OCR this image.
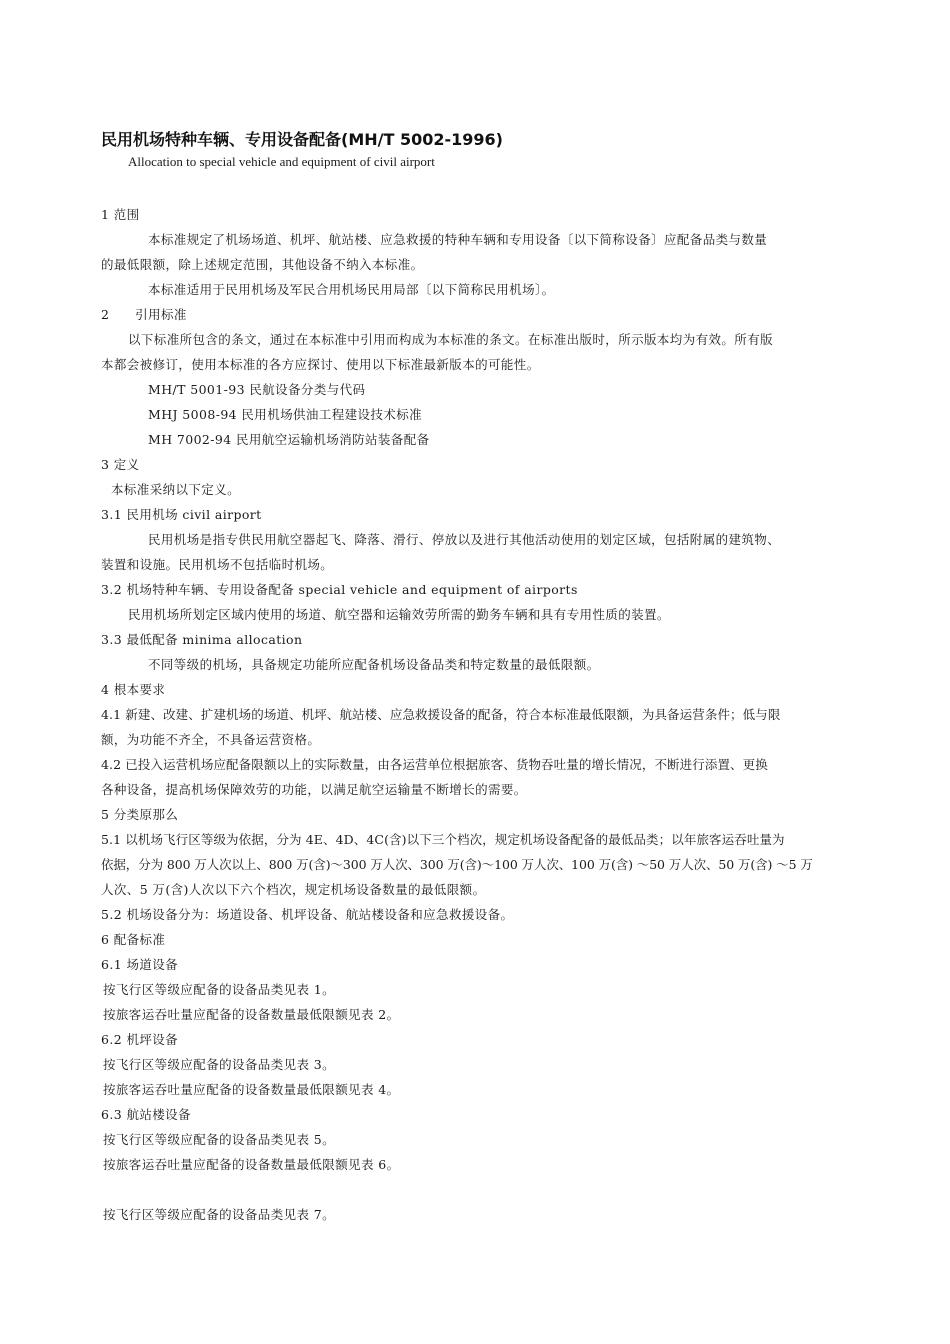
民用机场特种车辆、专用设备配备(MH/T 5002-1996)
Allocation to special vehicle and equipment of civil airport
1 范围
本标准规定了机场场道、机坪、航站楼、应急救援的特种车辆和专用设备〔以下简称设备〕应配备品类与数量
的最低限额，除上述规定范围，其他设备不纳入本标准。
本标准适用于民用机场及军民合用机场民用局部〔以下简称民用机场〕。
2　　引用标准
以下标准所包含的条文，通过在本标准中引用而构成为本标准的条文。在标准出版时，所示版本均为有效。所有版
本都会被修订，使用本标准的各方应探讨、使用以下标准最新版本的可能性。
MH/T 5001-93 民航设备分类与代码
MHJ 5008-94 民用机场供油工程建设技术标准
MH 7002-94 民用航空运输机场消防站装备配备
3 定义
本标准采纳以下定义。
3.1 民用机场 civil airport
民用机场是指专供民用航空器起飞、降落、滑行、停放以及进行其他活动使用的划定区域，包括附属的建筑物、
装置和设施。民用机场不包括临时机场。
3.2 机场特种车辆、专用设备配备 special vehicle and equipment of airports
民用机场所划定区域内使用的场道、航空器和运输效劳所需的勤务车辆和具有专用性质的装置。
3.3 最低配备 minima allocation
不同等级的机场，具备规定功能所应配备机场设备品类和特定数量的最低限额。
4 根本要求
4.1 新建、改建、扩建机场的场道、机坪、航站楼、应急救援设备的配备，符合本标准最低限额，为具备运营条件；低与限
额，为功能不齐全，不具备运营资格。
4.2 已投入运营机场应配备限额以上的实际数量，由各运营单位根据旅客、货物吞吐量的增长情况，不断进行添置、更换
各种设备，提高机场保障效劳的功能，以满足航空运输量不断增长的需要。
5 分类原那么
5.1 以机场飞行区等级为依据，分为 4E、4D、4C(含)以下三个档次，规定机场设备配备的最低品类；以年旅客运吞吐量为
依据，分为 800 万人次以上、800 万(含)～300 万人次、300 万(含)～100 万人次、100 万(含) ～50 万人次、50 万(含) ～5 万
人次、5 万(含)人次以下六个档次，规定机场设备数量的最低限额。
5.2 机场设备分为：场道设备、机坪设备、航站楼设备和应急救援设备。
6 配备标准
6.1 场道设备
按飞行区等级应配备的设备品类见表 1。
按旅客运吞吐量应配备的设备数量最低限额见表 2。
6.2 机坪设备
按飞行区等级应配备的设备品类见表 3。
按旅客运吞吐量应配备的设备数量最低限额见表 4。
6.3 航站楼设备
按飞行区等级应配备的设备品类见表 5。
按旅客运吞吐量应配备的设备数量最低限额见表 6。
按飞行区等级应配备的设备品类见表 7。
